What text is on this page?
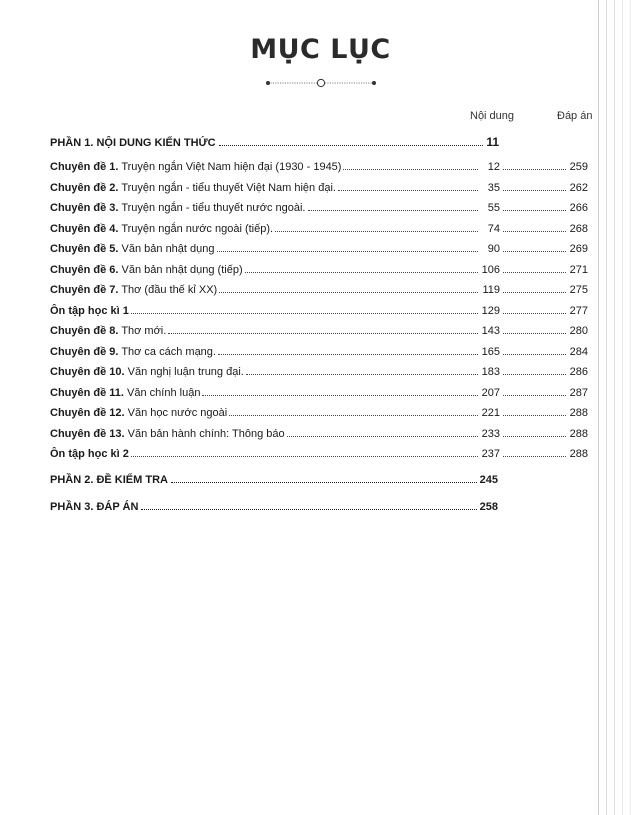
MỤC LỤC
Nội dung	Đáp án
PHẦN 1. NỘI DUNG KIẾN THỨC	11
Chuyên đề 1. Truyện ngắn Việt Nam hiện đại (1930 - 1945)	12	259
Chuyên đề 2. Truyện ngắn - tiểu thuyết Việt Nam hiện đại.	35	262
Chuyên đề 3. Truyện ngắn - tiểu thuyết nước ngoài.	55	266
Chuyên đề 4. Truyện ngắn nước ngoài (tiếp).	74	268
Chuyên đề 5. Văn bản nhật dụng	90	269
Chuyên đề 6. Văn bản nhật dụng (tiếp)	106	271
Chuyên đề 7. Thơ (đầu thế kỉ XX)	119	275
Ôn tập học kì 1	129	277
Chuyên đề 8. Thơ mới.	143	280
Chuyên đề 9. Thơ ca cách mạng.	165	284
Chuyên đề 10. Văn nghị luận trung đại.	183	286
Chuyên đề 11. Văn chính luận	207	287
Chuyên đề 12. Văn học nước ngoài	221	288
Chuyên đề 13. Văn bản hành chính: Thông báo	233	288
Ôn tập học kì 2	237	288
PHẦN 2. ĐỀ KIỂM TRA	245
PHẦN 3. ĐÁP ÁN	258
